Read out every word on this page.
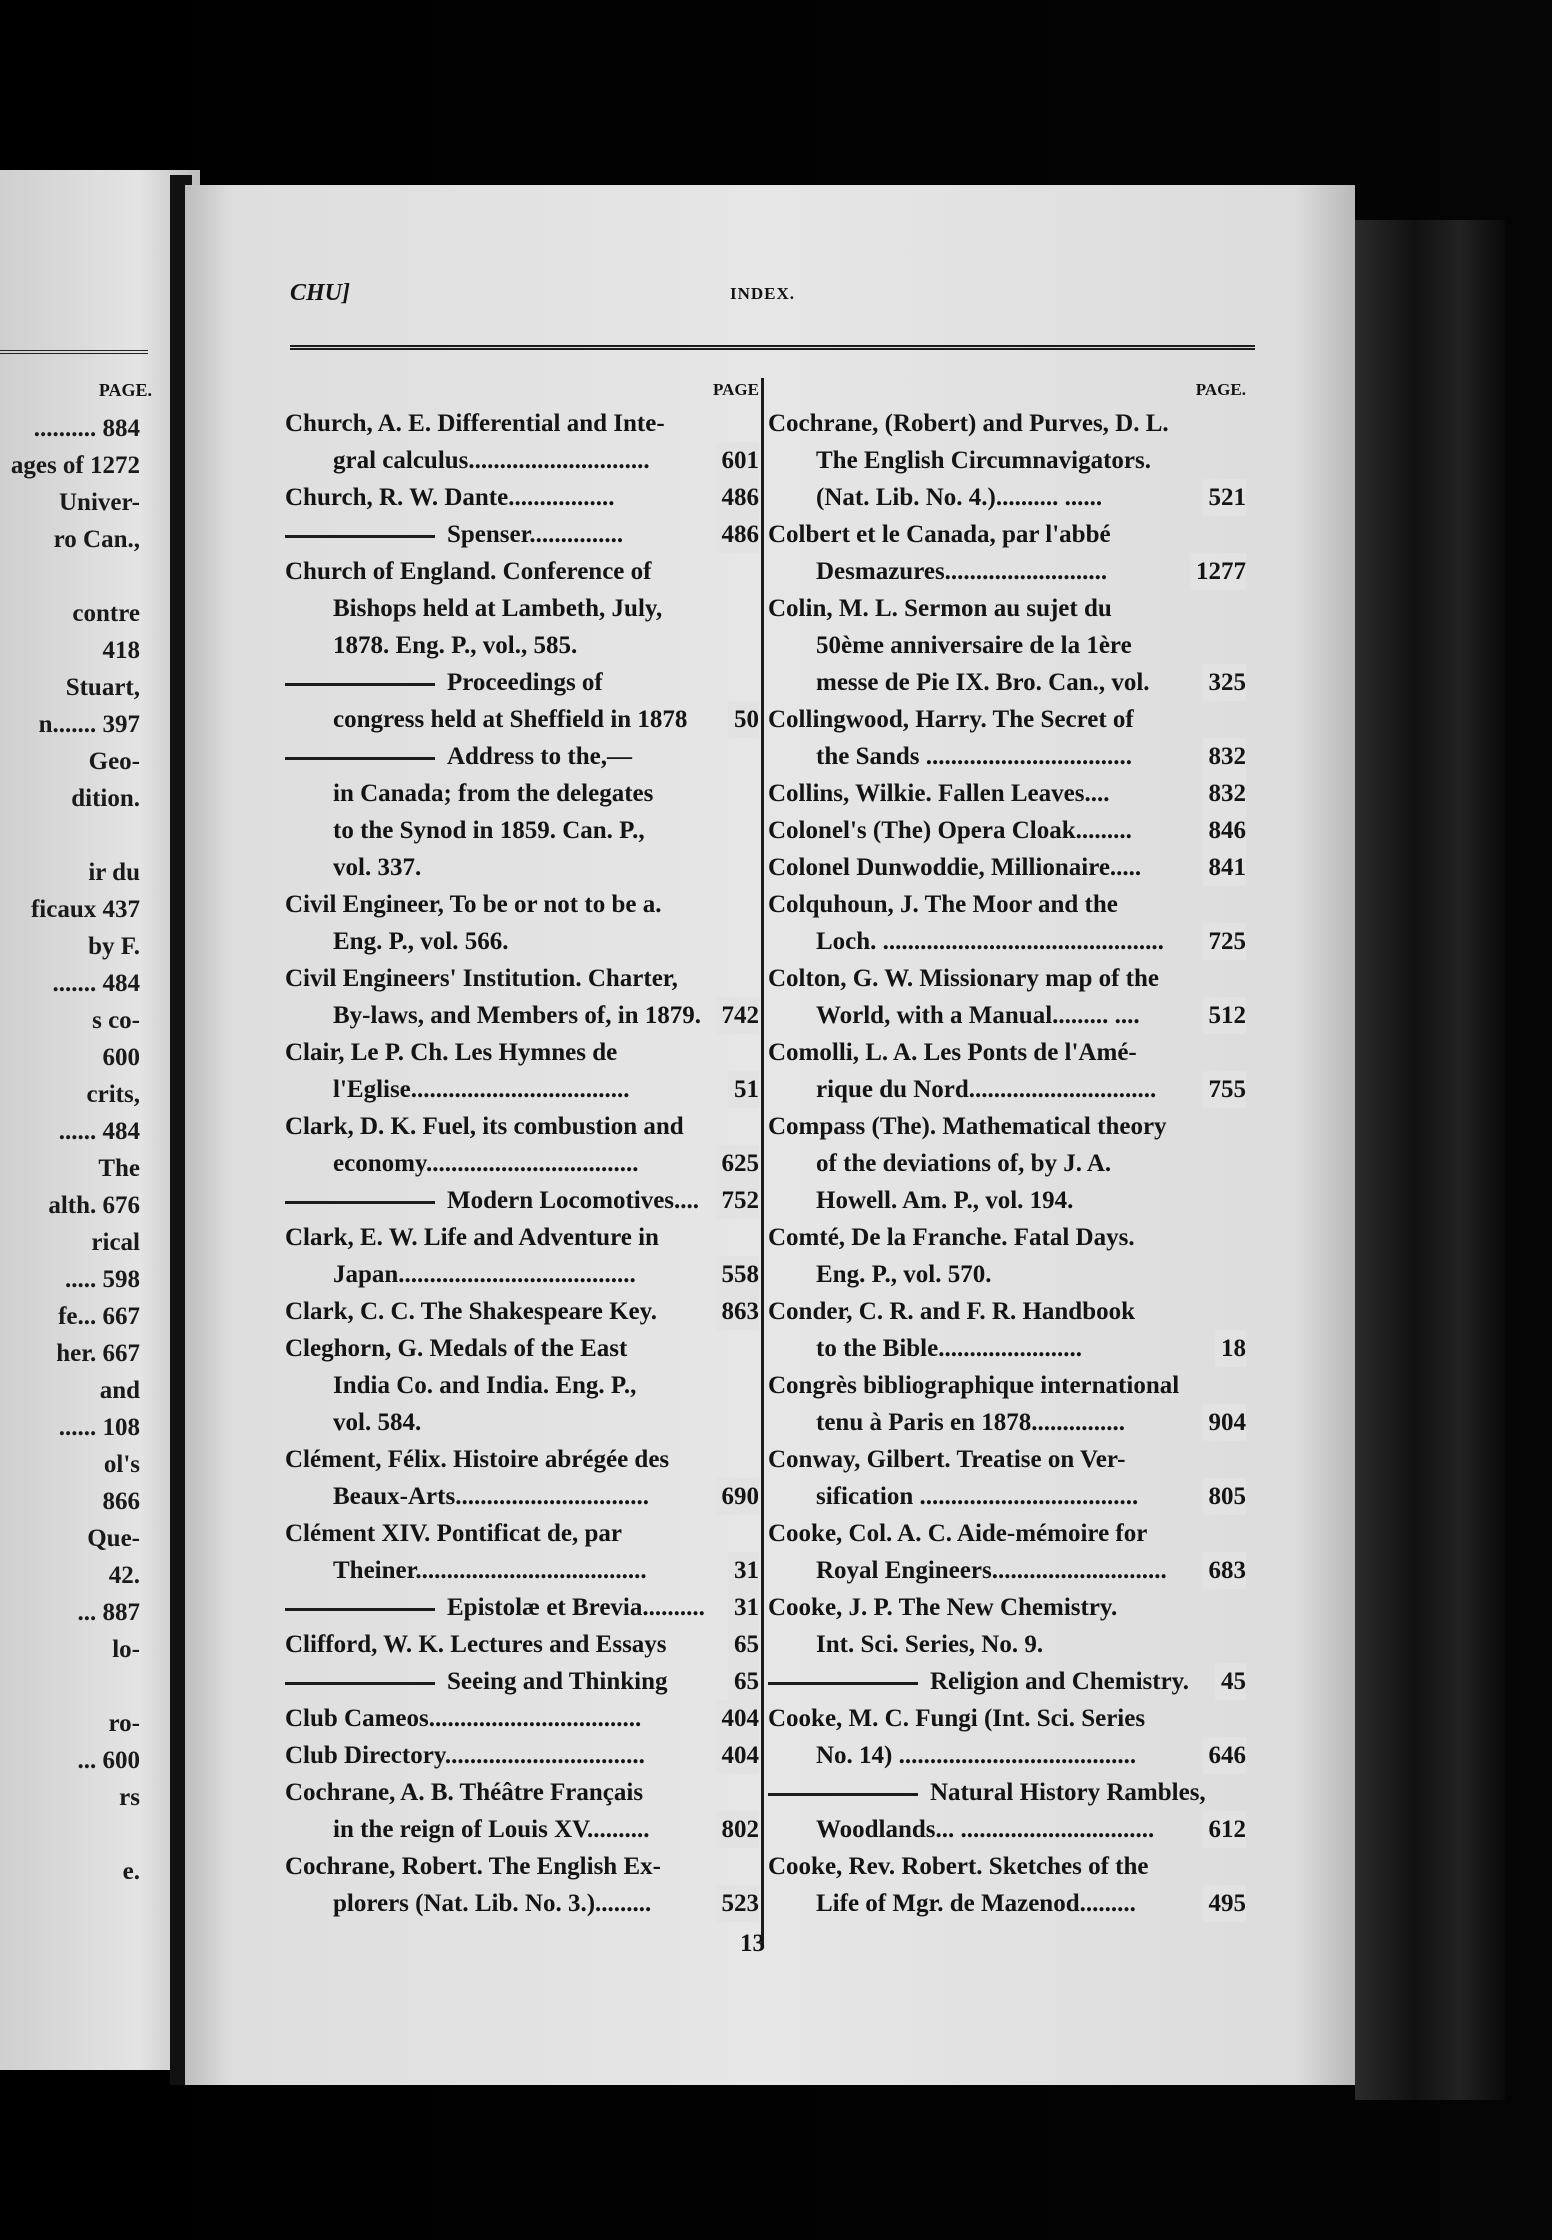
PAGE.
.......... 884
ages of 1272
Univer-
ro Can.,
contre
418
Stuart,
n....... 397
Geo-
dition.
ir du
ficaux 437
by F.
....... 484
s co-
600
crits,
...... 484
The
alth. 676
rical
..... 598
fe... 667
her. 667
and
...... 108
ol's
866
Que-
42.
... 887
lo-
ro-
... 600
rs
e.
CHU]	INDEX.
PAGE
Church, A. E. Differential and Inte-
gral calculus.............................	601
Church, R. W. Dante.................	486
Spenser...............	486
Church of England. Conference of
Bishops held at Lambeth, July,
1878. Eng. P., vol., 585.
Proceedings of
congress held at Sheffield in 1878 50
Address to the,—
in Canada; from the delegates
to the Synod in 1859. Can. P.,
vol. 337.
Civil Engineer, To be or not to be a.
Eng. P., vol. 566.
Civil Engineers' Institution. Charter,
By-laws, and Members of, in 1879. 742
Clair, Le P. Ch. Les Hymnes de
l'Eglise...................................	51
Clark, D. K. Fuel, its combustion and
economy..................................	625
Modern Locomotives.... 752
Clark, E. W. Life and Adventure in
Japan......................................	558
Clark, C. C. The Shakespeare Key.	863
Cleghorn, G. Medals of the East
India Co. and India. Eng. P.,
vol. 584.
Clément, Félix. Histoire abrégée des
Beaux-Arts...............................	690
Clément XIV. Pontificat de, par
Theiner.....................................	31
Epistolæ et Brevia.......... 31
Clifford, W. K. Lectures and Essays	65
Seeing and Thinking	65
Club Cameos..................................	404
Club Directory................................	404
Cochrane, A. B. Théâtre Français
in the reign of Louis XV..........	802
Cochrane, Robert. The English Ex-
plorers (Nat. Lib. No. 3.).........	523
PAGE.
Cochrane, (Robert) and Purves, D. L.
The English Circumnavigators.
(Nat. Lib. No. 4.).......... ......	521
Colbert et le Canada, par l'abbé
Desmazures..........................	1277
Colin, M. L. Sermon au sujet du
50ème anniversaire de la 1ère
messe de Pie IX. Bro. Can., vol. 325
Collingwood, Harry. The Secret of
the Sands .................................	832
Collins, Wilkie. Fallen Leaves....	832
Colonel's (The) Opera Cloak.........	846
Colonel Dunwoddie, Millionaire.....	841
Colquhoun, J. The Moor and the
Loch. ............................................. 725
Colton, G. W. Missionary map of the
World, with a Manual......... ....	512
Comolli, L. A. Les Ponts de l'Amé-
rique du Nord.............................. 755
Compass (The). Mathematical theory
of the deviations of, by J. A.
Howell. Am. P., vol. 194.
Comté, De la Franche. Fatal Days.
Eng. P., vol. 570.
Conder, C. R. and F. R. Handbook
to the Bible.......................	18
Congrès bibliographique international
tenu à Paris en 1878...............	904
Conway, Gilbert. Treatise on Ver-
sification ...................................	805
Cooke, Col. A. C. Aide-mémoire for
Royal Engineers............................ 683
Cooke, J. P. The New Chemistry.
Int. Sci. Series, No. 9.
Religion and Chemistry. 45
Cooke, M. C. Fungi (Int. Sci. Series
No. 14) ......................................	646
Natural History Rambles,
Woodlands... ............................... 612
Cooke, Rev. Robert. Sketches of the
Life of Mgr. de Mazenod.........	495
13
